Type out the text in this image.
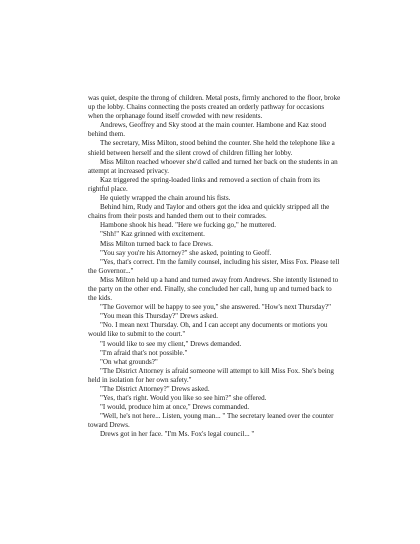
was quiet, despite the throng of children. Metal posts, firmly anchored to the floor, broke up the lobby. Chains connecting the posts created an orderly pathway for occasions when the orphanage found itself crowded with new residents.

Andrews, Geoffrey and Sky stood at the main counter. Hambone and Kaz stood behind them.

The secretary, Miss Milton, stood behind the counter. She held the telephone like a shield between herself and the silent crowd of children filling her lobby.

Miss Milton reached whoever she'd called and turned her back on the students in an attempt at increased privacy.

Kaz triggered the spring-loaded links and removed a section of chain from its rightful place.

He quietly wrapped the chain around his fists.

Behind him, Rudy and Taylor and others got the idea and quickly stripped all the chains from their posts and handed them out to their comrades.

Hambone shook his head. "Here we fucking go," he muttered.

"Shh!" Kaz grinned with excitement.

Miss Milton turned back to face Drews.

"You say you're his Attorney?" she asked, pointing to Geoff.

"Yes, that's correct. I'm the family counsel, including his sister, Miss Fox. Please tell the Governor..."

Miss Milton held up a hand and turned away from Andrews. She intently listened to the party on the other end. Finally, she concluded her call, hung up and turned back to the kids.

"The Governor will be happy to see you," she answered. "How's next Thursday?"

"You mean this Thursday?" Drews asked.

"No. I mean next Thursday. Oh, and I can accept any documents or motions you would like to submit to the court."

"I would like to see my client," Drews demanded.

"I'm afraid that's not possible."

"On what grounds?"

"The District Attorney is afraid someone will attempt to kill Miss Fox. She's being held in isolation for her own safety."

"The District Attorney?" Drews asked.

"Yes, that's right. Would you like so see him?" she offered.

"I would, produce him at once," Drews commanded.

"Well, he's not here... Listen, young man... " The secretary leaned over the counter toward Drews.

Drews got in her face. "I'm Ms. Fox's legal council... "
